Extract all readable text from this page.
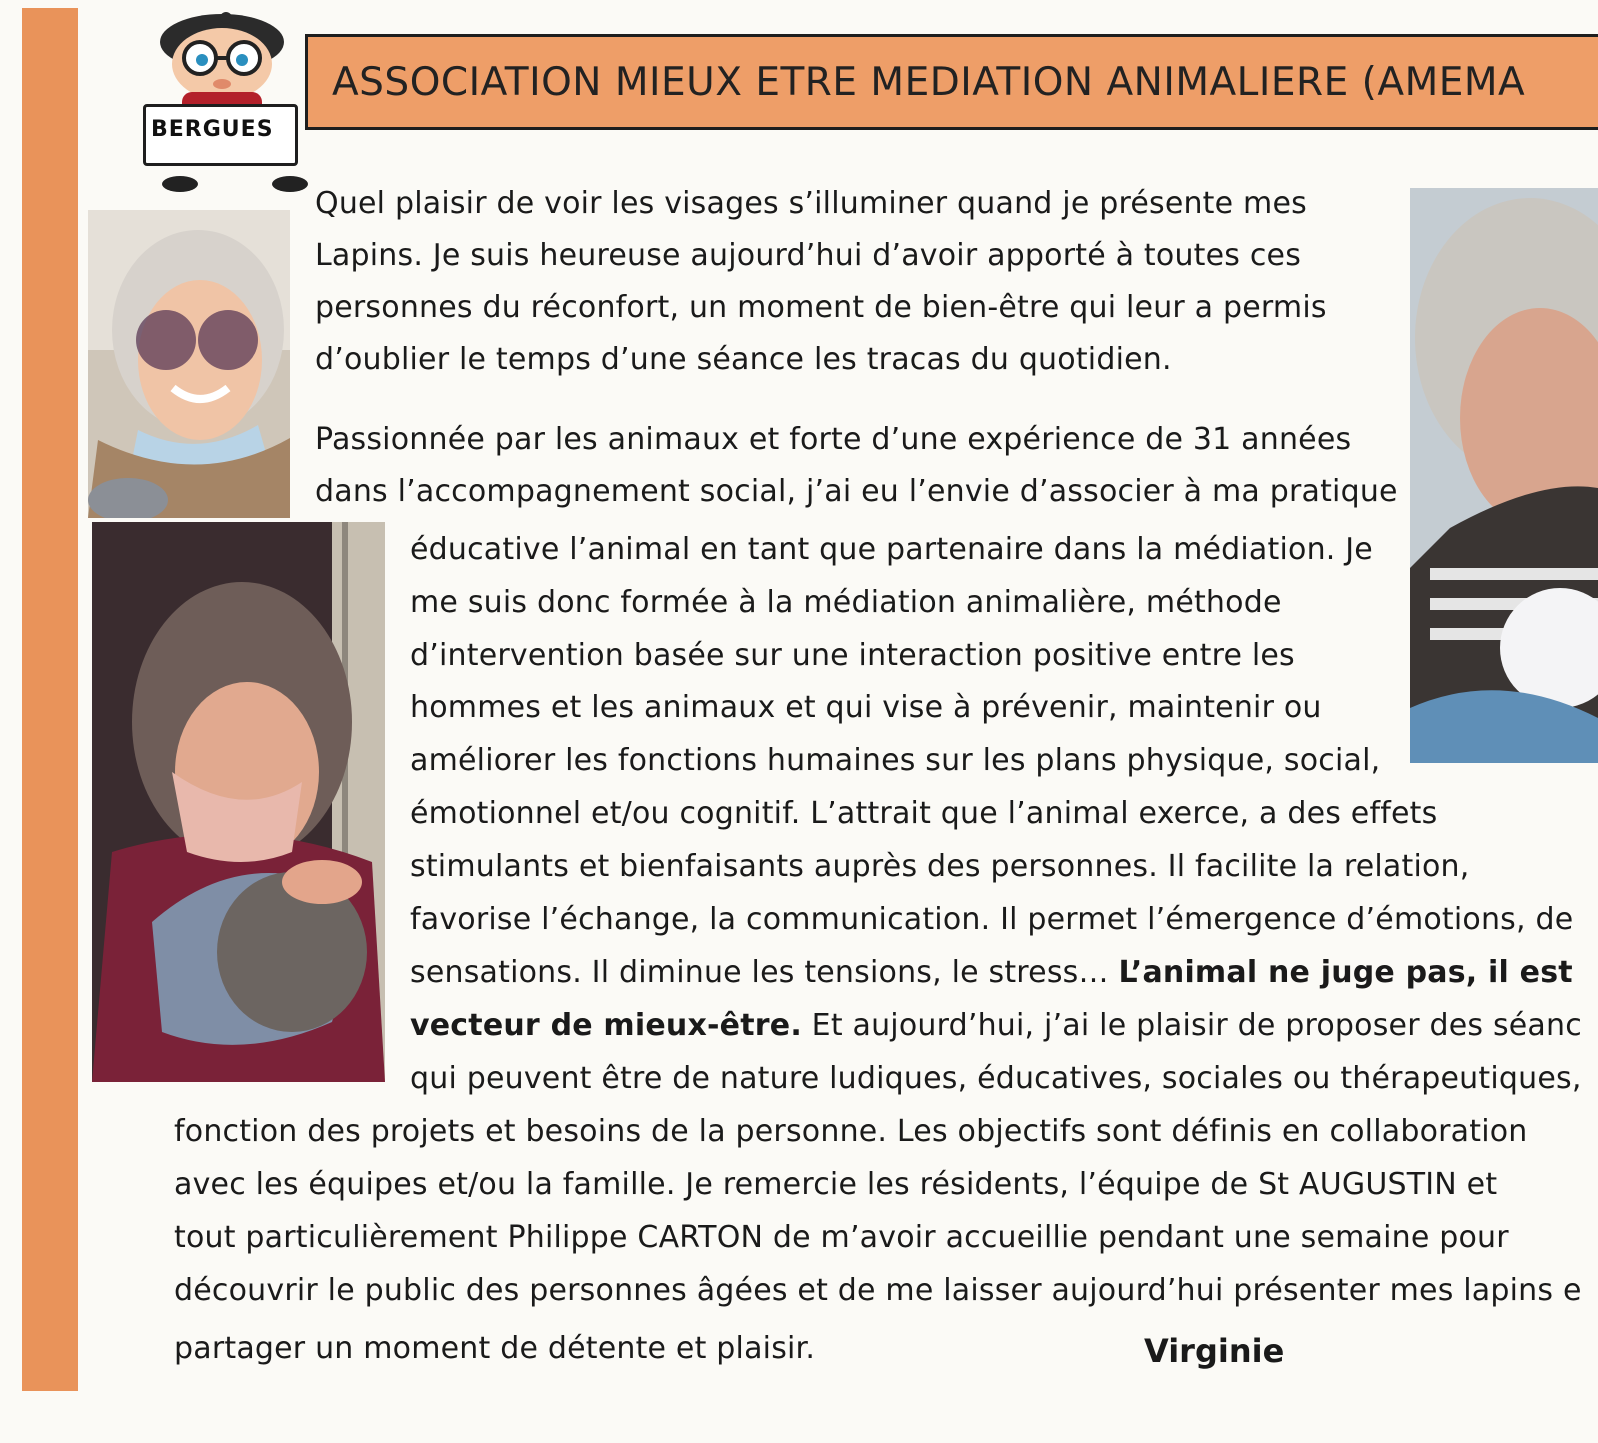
ASSOCIATION MIEUX ETRE MEDIATION ANIMALIERE (AMEMA
BERGUES
Quel plaisir de voir les visages s’illuminer quand je présente mes
Lapins. Je suis heureuse aujourd’hui d’avoir apporté à toutes ces
personnes du réconfort, un moment de bien-être qui leur a permis
d’oublier le temps d’une séance les tracas du quotidien.
Passionnée par les animaux et forte d’une expérience de 31 années
dans l’accompagnement social, j’ai eu l’envie d’associer à ma pratique
éducative l’animal en tant que partenaire dans la médiation. Je
me suis donc formée à la médiation animalière, méthode
d’intervention basée sur une interaction positive entre les
hommes et les animaux et qui vise à prévenir, maintenir ou
améliorer les fonctions humaines sur les plans physique, social,
émotionnel et/ou cognitif. L’attrait que l’animal exerce, a des effets
stimulants et bienfaisants auprès des personnes. Il facilite la relation,
favorise l’échange, la communication. Il permet l’émergence d’émotions, de
sensations. Il diminue les tensions, le stress… L’animal ne juge pas, il est
vecteur de mieux-être. Et aujourd’hui, j’ai le plaisir de proposer des séanc
qui peuvent être de nature ludiques, éducatives, sociales ou thérapeutiques,
fonction des projets et besoins de la personne. Les objectifs sont définis en collaboration
avec les équipes et/ou la famille. Je remercie les résidents, l’équipe de St AUGUSTIN et
tout particulièrement Philippe CARTON de m’avoir accueillie pendant une semaine pour
découvrir le public des personnes âgées et de me laisser aujourd’hui présenter mes lapins e
partager un moment de détente et plaisir.	Virginie
